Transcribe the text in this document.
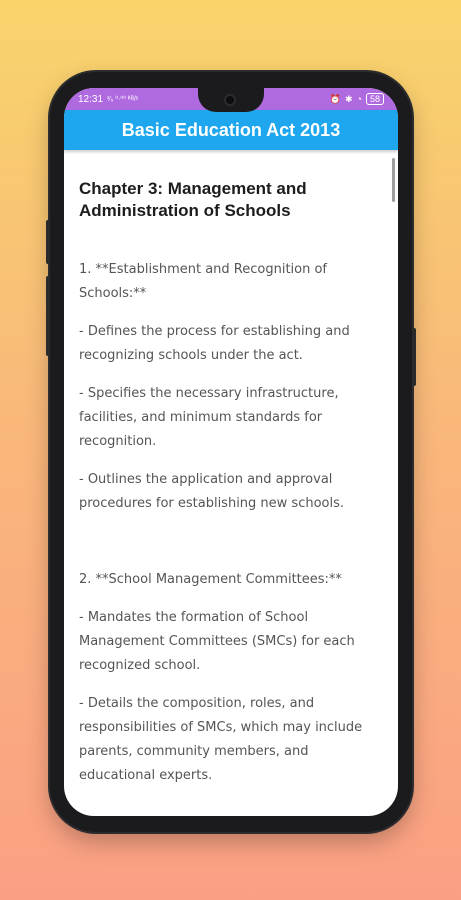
12:31 ³⁄₅ ⁰·⁰⁰ ᴷᴮ/ˢ	⏰ ✱ ◔ 58
Basic Education Act 2013
Chapter 3: Management and Administration of Schools

1. **Establishment and Recognition of Schools:**

- Defines the process for establishing and recognizing schools under the act.

- Specifies the necessary infrastructure, facilities, and minimum standards for recognition.

- Outlines the application and approval procedures for establishing new schools.

2. **School Management Committees:**

- Mandates the formation of School Management Committees (SMCs) for each recognized school.

- Details the composition, roles, and responsibilities of SMCs, which may include parents, community members, and educational experts.
